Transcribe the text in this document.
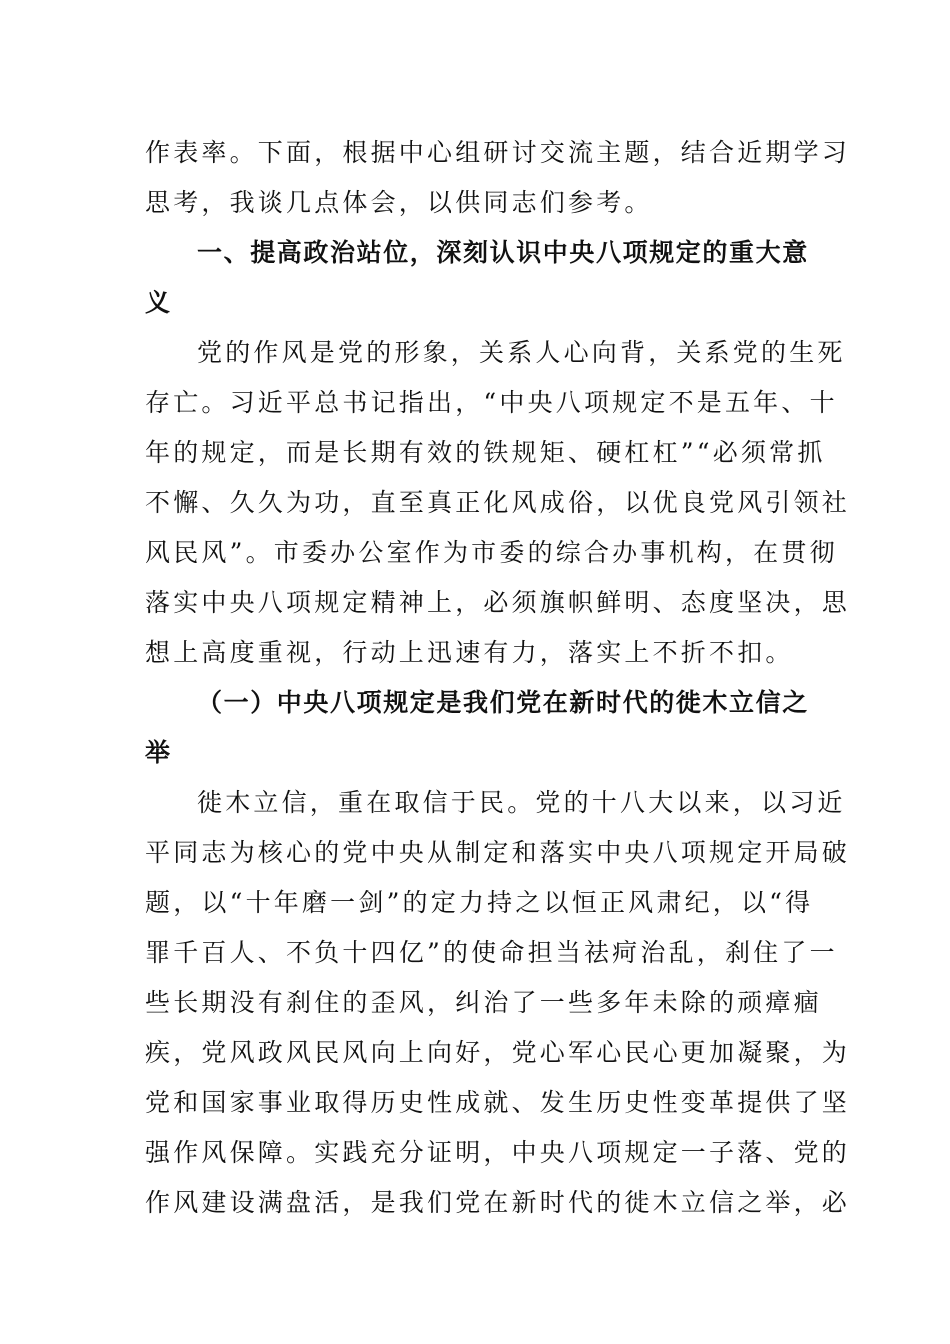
作表率。下面，根据中心组研讨交流主题，结合近期学习
思考，我谈几点体会，以供同志们参考。
一、提高政治站位，深刻认识中央八项规定的重大意
义
党的作风是党的形象，关系人心向背，关系党的生死
存亡。习近平总书记指出，“中央八项规定不是五年、十
年的规定，而是长期有效的铁规矩、硬杠杠”“必须常抓
不懈、久久为功，直至真正化风成俗，以优良党风引领社
风民风”。市委办公室作为市委的综合办事机构，在贯彻
落实中央八项规定精神上，必须旗帜鲜明、态度坚决，思
想上高度重视，行动上迅速有力，落实上不折不扣。
（一）中央八项规定是我们党在新时代的徙木立信之
举
徙木立信，重在取信于民。党的十八大以来，以习近
平同志为核心的党中央从制定和落实中央八项规定开局破
题，以“十年磨一剑”的定力持之以恒正风肃纪，以“得
罪千百人、不负十四亿”的使命担当祛疴治乱，刹住了一
些长期没有刹住的歪风，纠治了一些多年未除的顽瘴痼
疾，党风政风民风向上向好，党心军心民心更加凝聚，为
党和国家事业取得历史性成就、发生历史性变革提供了坚
强作风保障。实践充分证明，中央八项规定一子落、党的
作风建设满盘活，是我们党在新时代的徙木立信之举，必
